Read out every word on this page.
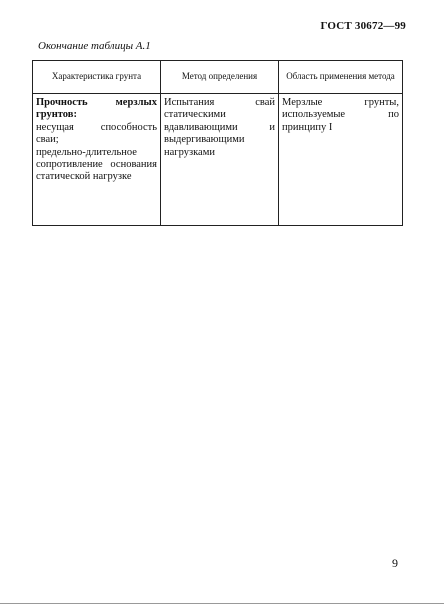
ГОСТ 30672—99
Окончание таблицы А.1
Характеристика грунта	Метод определения	Область применения метода

Прочность мерзлых грунтов:
несущая способность сваи;
предельно-длительное сопротивление основания статической нагрузке	Испытания свай статическими вдавливающими и выдергивающими нагрузками	Мерзлые грунты, используемые по принципу I
9
